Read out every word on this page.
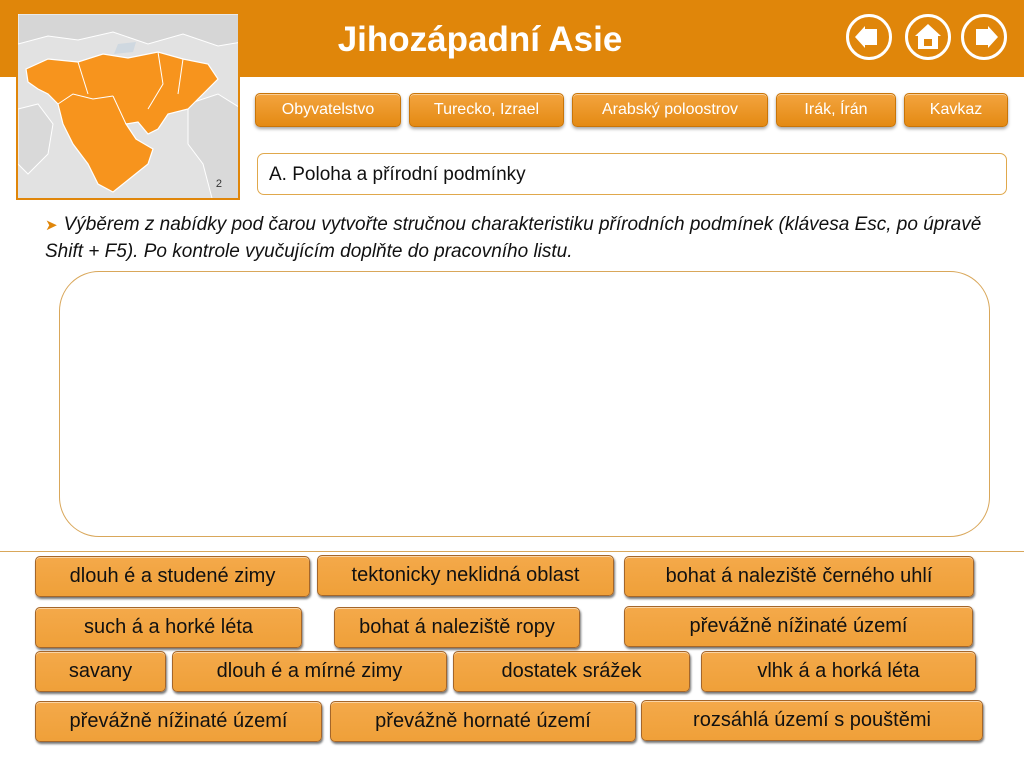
Jihozápadní Asie
2
Obyvatelstvo	Turecko, Izrael	Arabský poloostrov	Irák, Írán	Kavkaz
A. Poloha a přírodní podmínky
➤ Výběrem z nabídky pod čarou vytvořte stručnou charakteristiku přírodních podmínek (klávesa Esc, po úpravě Shift + F5). Po kontrole vyučujícím doplňte do pracovního listu.
dlouh é a studené zimy	tektonicky neklidná oblast	bohat á naleziště černého uhlí
such á a horké léta	bohat á naleziště ropy	převážně nížinaté území
savany	dlouh é a mírné zimy	dostatek srážek	vlhk á a horká léta
převážně nížinaté území	převážně hornaté území	rozsáhlá území s pouštěmi
